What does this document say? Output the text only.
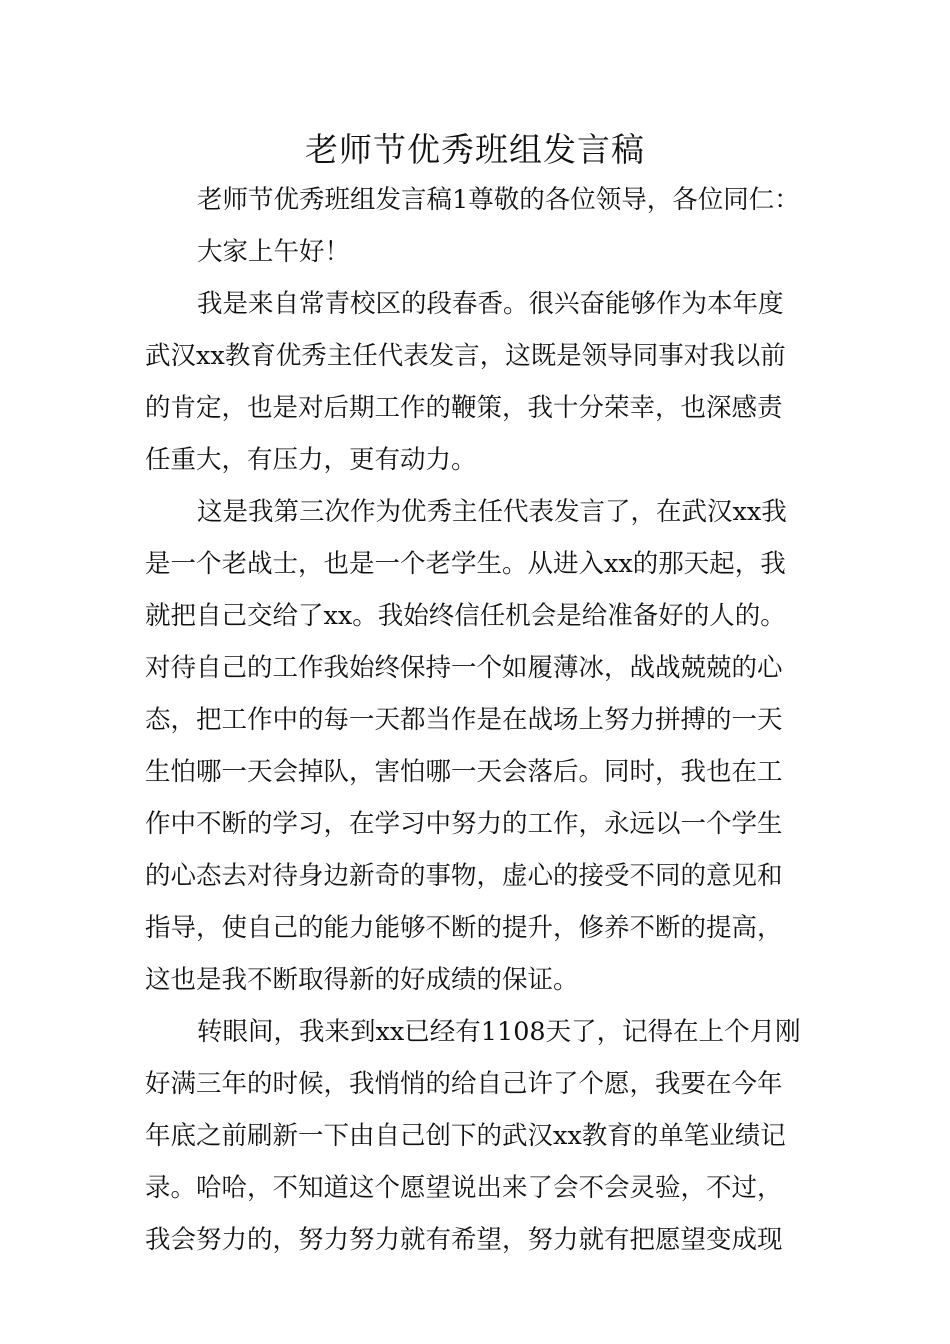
老师节优秀班组发言稿
老师节优秀班组发言稿1尊敬的各位领导，各位同仁：
大家上午好！
我是来自常青校区的段春香。很兴奋能够作为本年度
武汉xx教育优秀主任代表发言，这既是领导同事对我以前
的肯定，也是对后期工作的鞭策，我十分荣幸，也深感责
任重大，有压力，更有动力。
这是我第三次作为优秀主任代表发言了，在武汉xx我
是一个老战士，也是一个老学生。从进入xx的那天起，我
就把自己交给了xx。我始终信任机会是给准备好的人的。
对待自己的工作我始终保持一个如履薄冰，战战兢兢的心
态，把工作中的每一天都当作是在战场上努力拼搏的一天
生怕哪一天会掉队，害怕哪一天会落后。同时，我也在工
作中不断的学习，在学习中努力的工作，永远以一个学生
的心态去对待身边新奇的事物，虚心的接受不同的意见和
指导，使自己的能力能够不断的提升，修养不断的提高，
这也是我不断取得新的好成绩的保证。
转眼间，我来到xx已经有1108天了，记得在上个月刚
好满三年的时候，我悄悄的给自己许了个愿，我要在今年
年底之前刷新一下由自己创下的武汉xx教育的单笔业绩记
录。哈哈，不知道这个愿望说出来了会不会灵验，不过，
我会努力的，努力努力就有希望，努力就有把愿望变成现
